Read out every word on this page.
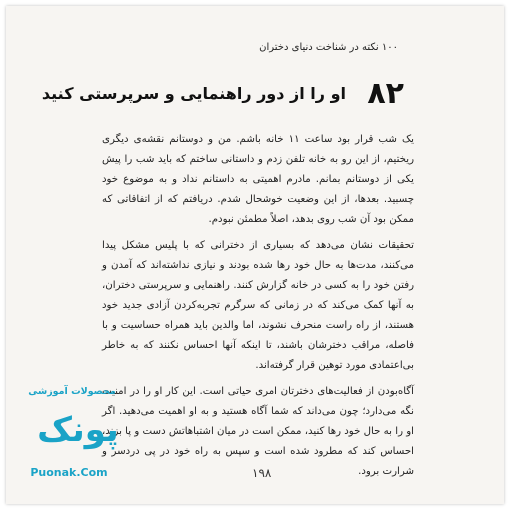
۱۰۰ نکته در شناخت دنیای دختران
۸۲
او را از دور راهنمایی و سرپرستی کنید

یک شب قرار بود ساعت ۱۱ خانه باشم. من و دوستانم نقشه‌ی دیگری ریختیم، از این رو به خانه تلفن زدم و داستانی ساختم که باید شب را پیش یکی از دوستانم بمانم. مادرم اهمیتی به داستانم نداد و به موضوع خود چسبید. بعدها، از این وضعیت خوشحال شدم. دریافتم که از اتفاقاتی که ممکن بود آن شب روی بدهد، اصلاً مطمئن نبودم.

تحقیقات نشان می‌دهد که بسیاری از دخترانی که با پلیس مشکل پیدا می‌کنند، مدت‌ها به حال خود رها شده بودند و نیازی نداشته‌اند که آمدن و رفتن خود را به کسی در خانه گزارش کنند. راهنمایی و سرپرستی دختران، به آنها کمک می‌کند که در زمانی که سرگرم تجربه‌کردن آزادی جدید خود هستند، از راه راست منحرف نشوند، اما والدین باید همراه حساسیت و با فاصله، مراقب دخترشان باشند، تا اینکه آنها احساس نکنند که به خاطر بی‌اعتمادی مورد توهین قرار گرفته‌اند.

آگاه‌بودن از فعالیت‌های دخترتان امری حیاتی است. این کار او را در امنیت نگه می‌دارد؛ چون می‌داند که شما آگاه هستید و به او اهمیت می‌دهید. اگر او را به حال خود رها کنید، ممکن است در میان اشتباهاتش دست و پا بزند، احساس کند که مطرود شده است و سپس به راه خود در پی دردسر و شرارت برود.

۱۹۸
محصولات آموزشی
پونک
Puonak.Com
